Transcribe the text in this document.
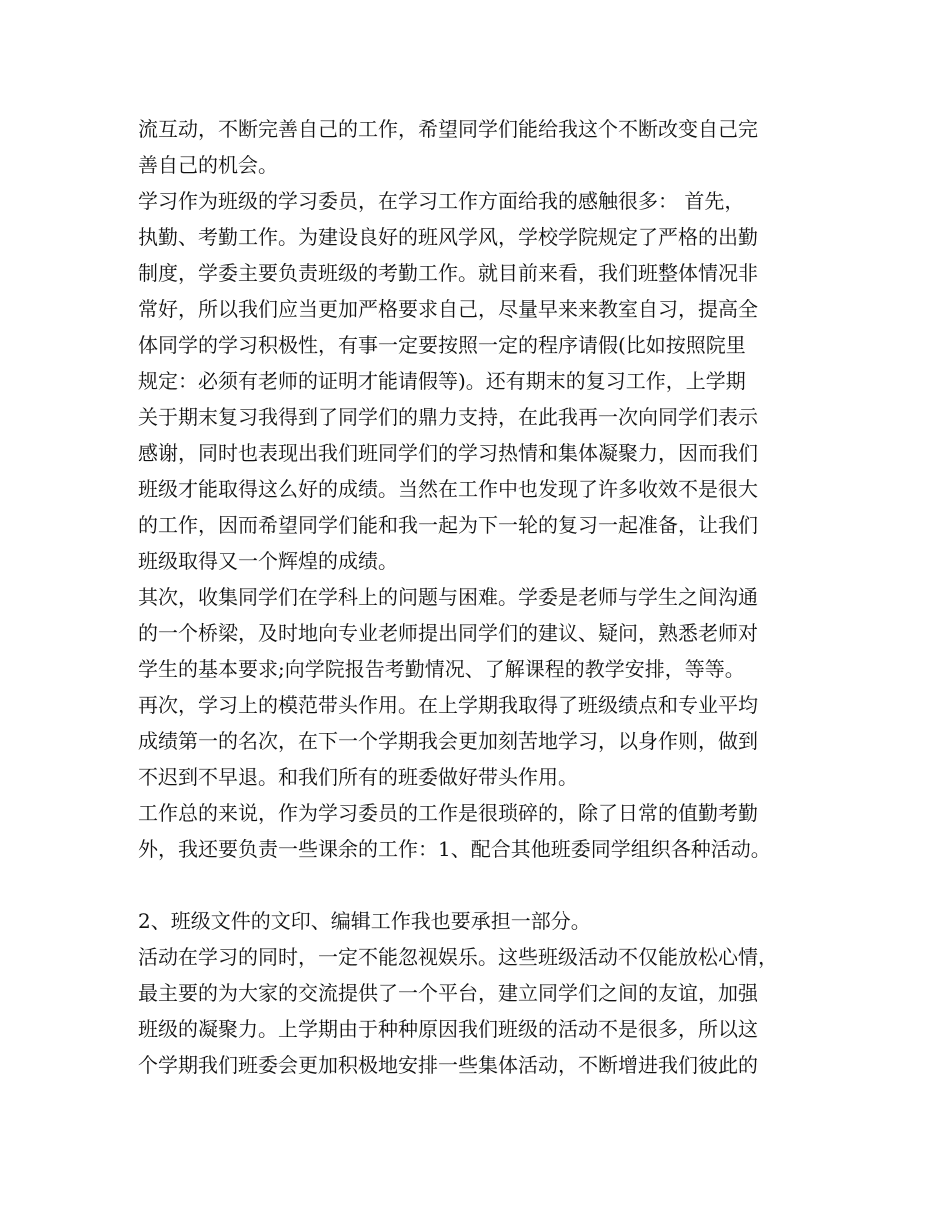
流互动，不断完善自己的工作，希望同学们能给我这个不断改变自己完
善自己的机会。
学习作为班级的学习委员，在学习工作方面给我的感触很多： 首先，
执勤、考勤工作。为建设良好的班风学风，学校学院规定了严格的出勤
制度，学委主要负责班级的考勤工作。就目前来看，我们班整体情况非
常好，所以我们应当更加严格要求自己，尽量早来来教室自习，提高全
体同学的学习积极性，有事一定要按照一定的程序请假(比如按照院里
规定：必须有老师的证明才能请假等)。还有期末的复习工作，上学期
关于期末复习我得到了同学们的鼎力支持，在此我再一次向同学们表示
感谢，同时也表现出我们班同学们的学习热情和集体凝聚力，因而我们
班级才能取得这么好的成绩。当然在工作中也发现了许多收效不是很大
的工作，因而希望同学们能和我一起为下一轮的复习一起准备，让我们
班级取得又一个辉煌的成绩。
其次，收集同学们在学科上的问题与困难。学委是老师与学生之间沟通
的一个桥梁，及时地向专业老师提出同学们的建议、疑问，熟悉老师对
学生的基本要求;向学院报告考勤情况、了解课程的教学安排，等等。
再次，学习上的模范带头作用。在上学期我取得了班级绩点和专业平均
成绩第一的名次，在下一个学期我会更加刻苦地学习，以身作则，做到
不迟到不早退。和我们所有的班委做好带头作用。
工作总的来说，作为学习委员的工作是很琐碎的，除了日常的值勤考勤
外，我还要负责一些课余的工作：1、配合其他班委同学组织各种活动。
2、班级文件的文印、编辑工作我也要承担一部分。
活动在学习的同时，一定不能忽视娱乐。这些班级活动不仅能放松心情，
最主要的为大家的交流提供了一个平台，建立同学们之间的友谊，加强
班级的凝聚力。上学期由于种种原因我们班级的活动不是很多，所以这
个学期我们班委会更加积极地安排一些集体活动，不断增进我们彼此的
